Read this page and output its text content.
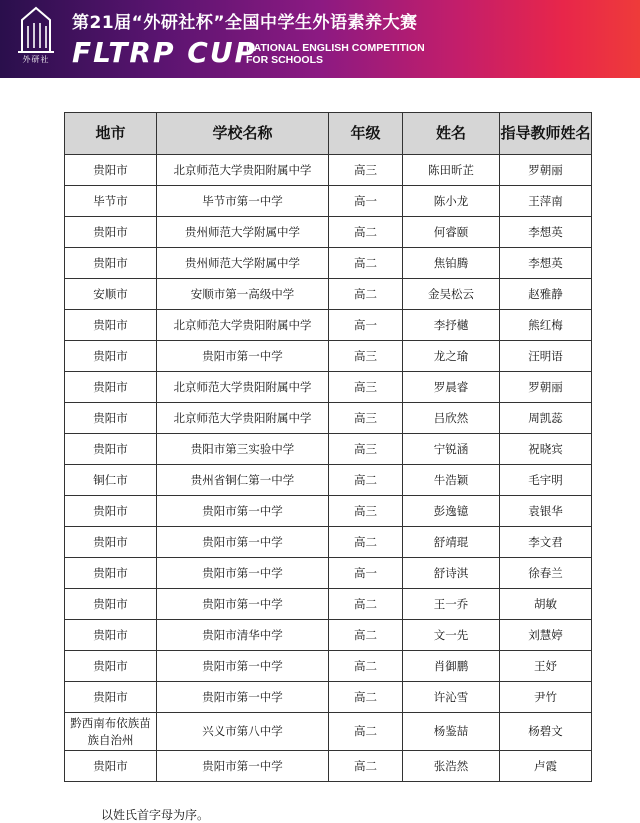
外研社
第21届“外研社杯”全国中学生外语素养大赛
FLTRP CUP
NATIONAL ENGLISH COMPETITION
FOR SCHOOLS
地市	学校名称	年级	姓名	指导教师姓名
贵阳市	北京师范大学贵阳附属中学	高三	陈田昕芷	罗朝丽
毕节市	毕节市第一中学	高一	陈小龙	王萍南
贵阳市	贵州师范大学附属中学	高二	何睿颐	李想英
贵阳市	贵州师范大学附属中学	高二	焦铂腾	李想英
安顺市	安顺市第一高级中学	高二	金吴松云	赵雅静
贵阳市	北京师范大学贵阳附属中学	高一	李抒樾	熊红梅
贵阳市	贵阳市第一中学	高三	龙之瑜	汪明语
贵阳市	北京师范大学贵阳附属中学	高三	罗晨睿	罗朝丽
贵阳市	北京师范大学贵阳附属中学	高三	吕欣然	周凯蕊
贵阳市	贵阳市第三实验中学	高三	宁锐涵	祝晓宾
铜仁市	贵州省铜仁第一中学	高二	牛浩颖	毛宇明
贵阳市	贵阳市第一中学	高三	彭逸镱	袁银华
贵阳市	贵阳市第一中学	高二	舒靖琨	李文君
贵阳市	贵阳市第一中学	高一	舒诗淇	徐春兰
贵阳市	贵阳市第一中学	高二	王一乔	胡敏
贵阳市	贵阳市清华中学	高二	文一先	刘慧婷
贵阳市	贵阳市第一中学	高二	肖御鹏	王妤
贵阳市	贵阳市第一中学	高二	许沁雪	尹竹
黔西南布依族苗族自治州	兴义市第八中学	高二	杨鉴喆	杨碧文
贵阳市	贵阳市第一中学	高二	张浩然	卢霞
以姓氏首字母为序。
